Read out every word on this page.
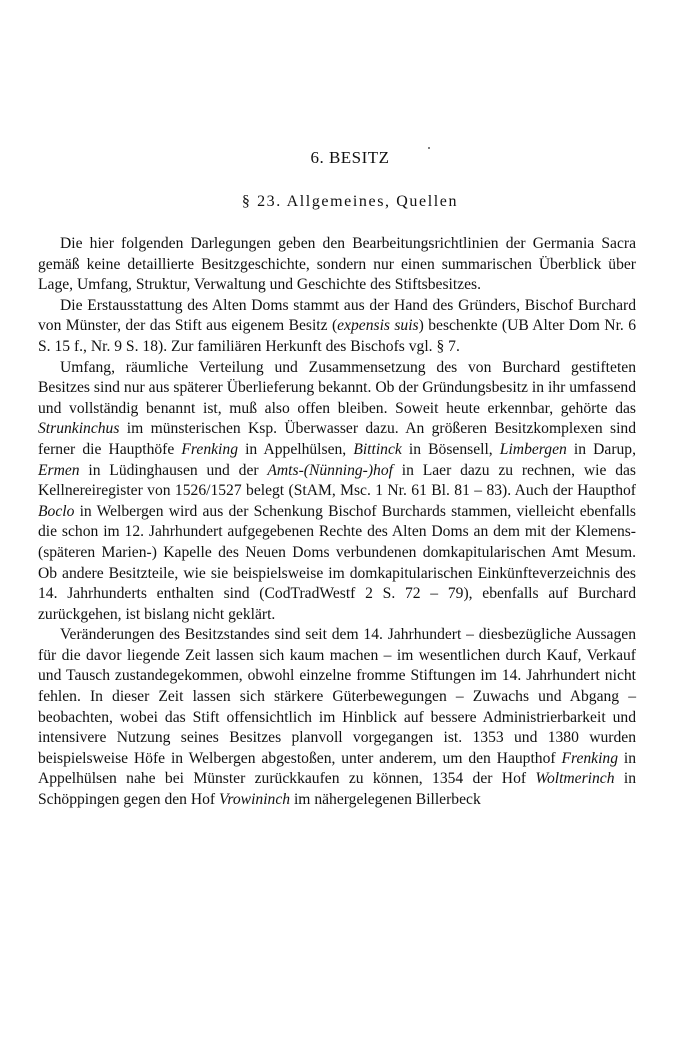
6. BESITZ
§ 23. Allgemeines, Quellen

Die hier folgenden Darlegungen geben den Bearbeitungsrichtlinien der Germania Sacra gemäß keine detaillierte Besitzgeschichte, sondern nur einen summarischen Überblick über Lage, Umfang, Struktur, Verwaltung und Geschichte des Stiftsbesitzes.

Die Erstausstattung des Alten Doms stammt aus der Hand des Gründers, Bischof Burchard von Münster, der das Stift aus eigenem Besitz (expensis suis) beschenkte (UB Alter Dom Nr. 6 S. 15 f., Nr. 9 S. 18). Zur familiären Herkunft des Bischofs vgl. § 7.

Umfang, räumliche Verteilung und Zusammensetzung des von Burchard gestifteten Besitzes sind nur aus späterer Überlieferung bekannt. Ob der Gründungsbesitz in ihr umfassend und vollständig benannt ist, muß also offen bleiben. Soweit heute erkennbar, gehörte das Strunkinchus im münsterischen Ksp. Überwasser dazu. An größeren Besitzkomplexen sind ferner die Haupthöfe Frenking in Appelhülsen, Bittinck in Bösensell, Limbergen in Darup, Ermen in Lüdinghausen und der Amts-(Nünning-)hof in Laer dazu zu rechnen, wie das Kellnereiregister von 1526/1527 belegt (StAM, Msc. 1 Nr. 61 Bl. 81 – 83). Auch der Haupthof Boclo in Welbergen wird aus der Schenkung Bischof Burchards stammen, vielleicht ebenfalls die schon im 12. Jahrhundert aufgegebenen Rechte des Alten Doms an dem mit der Klemens- (späteren Marien-) Kapelle des Neuen Doms verbundenen domkapitularischen Amt Mesum. Ob andere Besitzteile, wie sie beispielsweise im domkapitularischen Einkünfteverzeichnis des 14. Jahrhunderts enthalten sind (CodTradWestf 2 S. 72 – 79), ebenfalls auf Burchard zurückgehen, ist bislang nicht geklärt.

Veränderungen des Besitzstandes sind seit dem 14. Jahrhundert – diesbezügliche Aussagen für die davor liegende Zeit lassen sich kaum machen – im wesentlichen durch Kauf, Verkauf und Tausch zustandegekommen, obwohl einzelne fromme Stiftungen im 14. Jahrhundert nicht fehlen. In dieser Zeit lassen sich stärkere Güterbewegungen – Zuwachs und Abgang – beobachten, wobei das Stift offensichtlich im Hinblick auf bessere Administrierbarkeit und intensivere Nutzung seines Besitzes planvoll vorgegangen ist. 1353 und 1380 wurden beispielsweise Höfe in Welbergen abgestoßen, unter anderem, um den Haupthof Frenking in Appelhülsen nahe bei Münster zurückkaufen zu können, 1354 der Hof Woltmerinch in Schöppingen gegen den Hof Vrowininch im nähergelegenen Billerbeck
